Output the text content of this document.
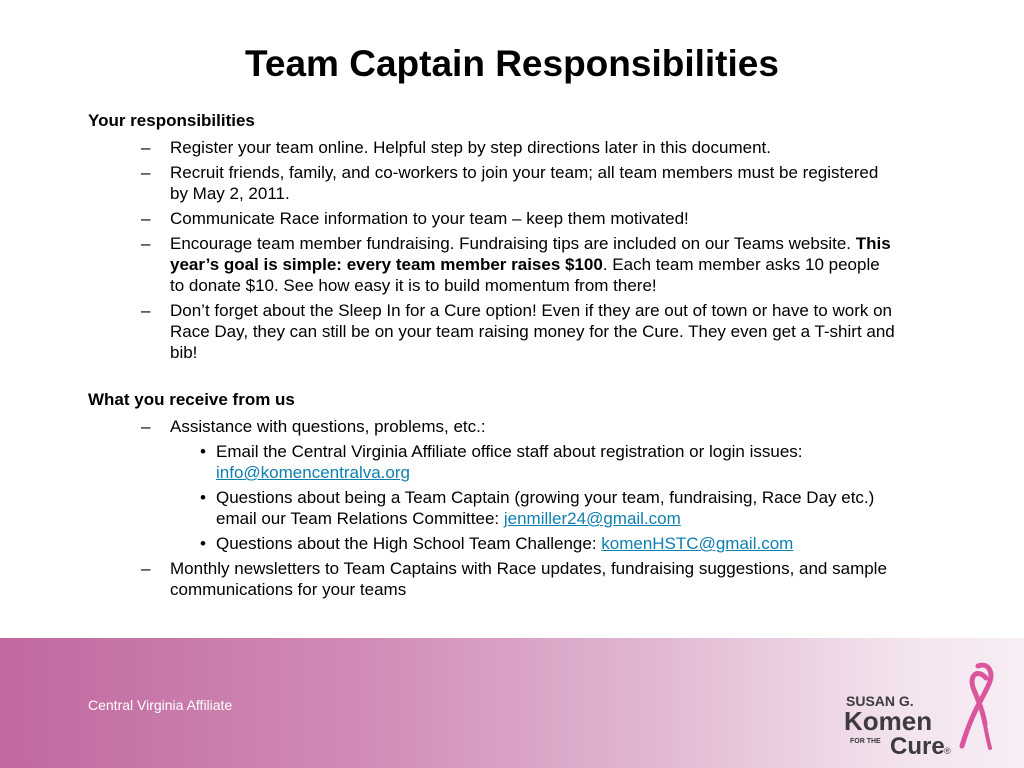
Team Captain Responsibilities
Your responsibilities
– Register your team online. Helpful step by step directions later in this document.
– Recruit friends, family, and co-workers to join your team; all team members must be registered by May 2, 2011.
– Communicate Race information to your team – keep them motivated!
– Encourage team member fundraising. Fundraising tips are included on our Teams website. This year’s goal is simple: every team member raises $100. Each team member asks 10 people to donate $10. See how easy it is to build momentum from there!
– Don’t forget about the Sleep In for a Cure option! Even if they are out of town or have to work on Race Day, they can still be on your team raising money for the Cure. They even get a T-shirt and bib!
What you receive from us
– Assistance with questions, problems, etc.:
• Email the Central Virginia Affiliate office staff about registration or login issues: info@komencentralva.org
• Questions about being a Team Captain (growing your team, fundraising, Race Day etc.) email our Team Relations Committee: jenmiller24@gmail.com
• Questions about the High School Team Challenge: komenHSTC@gmail.com
– Monthly newsletters to Team Captains with Race updates, fundraising suggestions, and sample communications for your teams
Central Virginia Affiliate	SUSAN G.
Komen
FOR THE Cure ®
